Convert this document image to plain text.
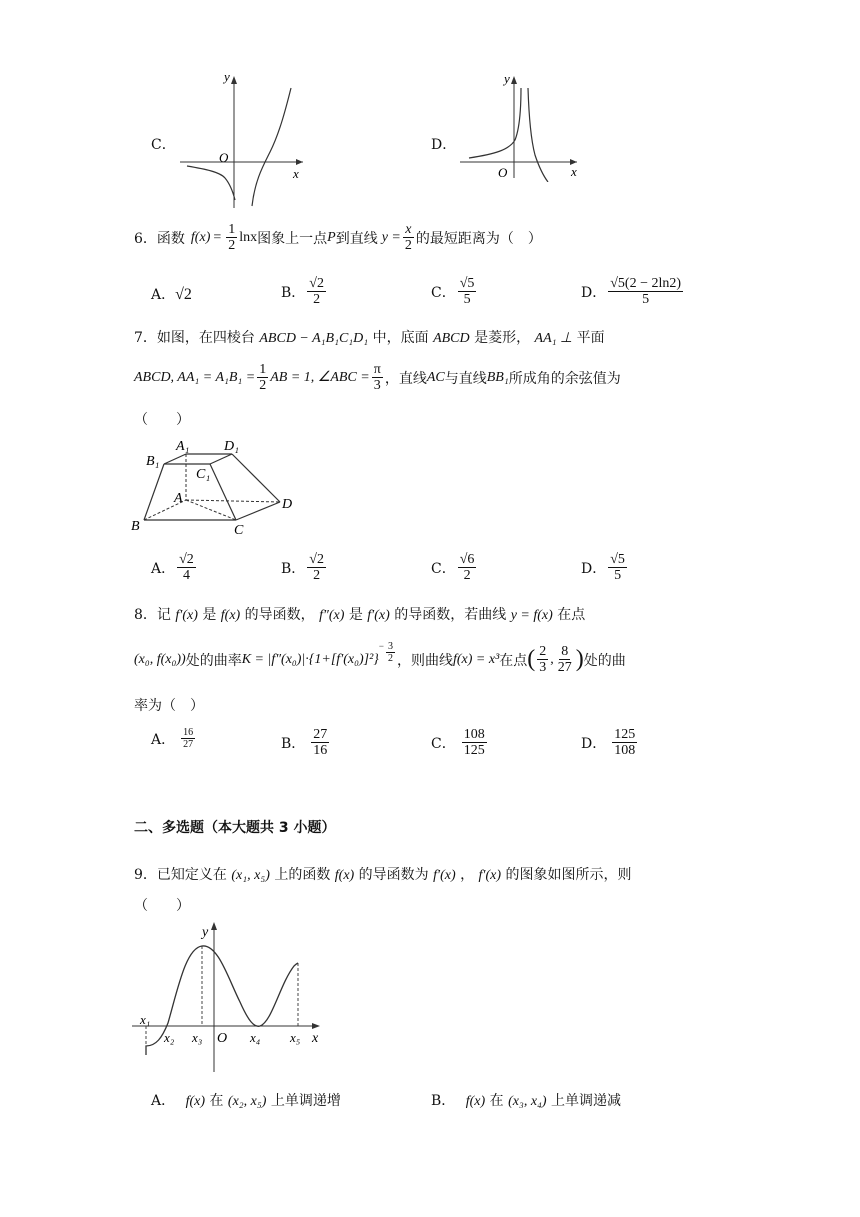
C．
y
x
O
D．
y
x
O
6．函数 $f(x) = \frac{1}{2}$ lnx 图象上一点 P 到直线 $y = \frac{x}{2}$ 的最短距离为（　）
A．√2	B． $\frac{√2}{2}$	C． $\frac{√5}{5}$	D． $\frac{√5(2 - 2\ln 2)}{5}$
7．如图，在四棱台 ABCD − A₁B₁C₁D₁ 中，底面 ABCD 是菱形， AA₁ ⊥ 平面
ABCD, $AA_1 = A_1B_1 = \frac{1}{2}$ AB = 1, ∠ABC = $\frac{\pi}{3}$ ，直线 AC 与直线 BB₁ 所成角的余弦值为
（　　）
A₁ D₁
B₁
C₁
A
B	C
D
A． $\frac{√2}{4}$	B． $\frac{√2}{2}$	C． $\frac{√6}{2}$	D． $\frac{√5}{5}$
8．记 f′(x) 是 f(x) 的导函数， f″(x) 是 f′(x) 的导函数，若曲线 y = f(x) 在点
(x₀, f(x₀)) 处的曲率 K = |f″(x₀)|·{1+[f′(x₀)]²}
− $\frac{3}{2}$ ，则曲线 f(x) = x³ 在点 ( $\frac{2}{3}$ , $\frac{8}{27}$ ) 处的曲
率为（　）
A． $\frac{16}{27}$	B． $\frac{27}{16}$	C． $\frac{108}{125}$	D． $\frac{125}{108}$
二、多选题（本大题共 3 小题）
9．已知定义在 (x₁, x₅) 上的函数 f(x) 的导函数为 f′(x) ， f′(x) 的图象如图所示，则
（　　）
y
x
O
x₁
x₂ x₃	x₄ x₅
A． f(x) 在 (x₂, x₅) 上单调递增	B． f(x) 在 (x₃, x₄) 上单调递减
